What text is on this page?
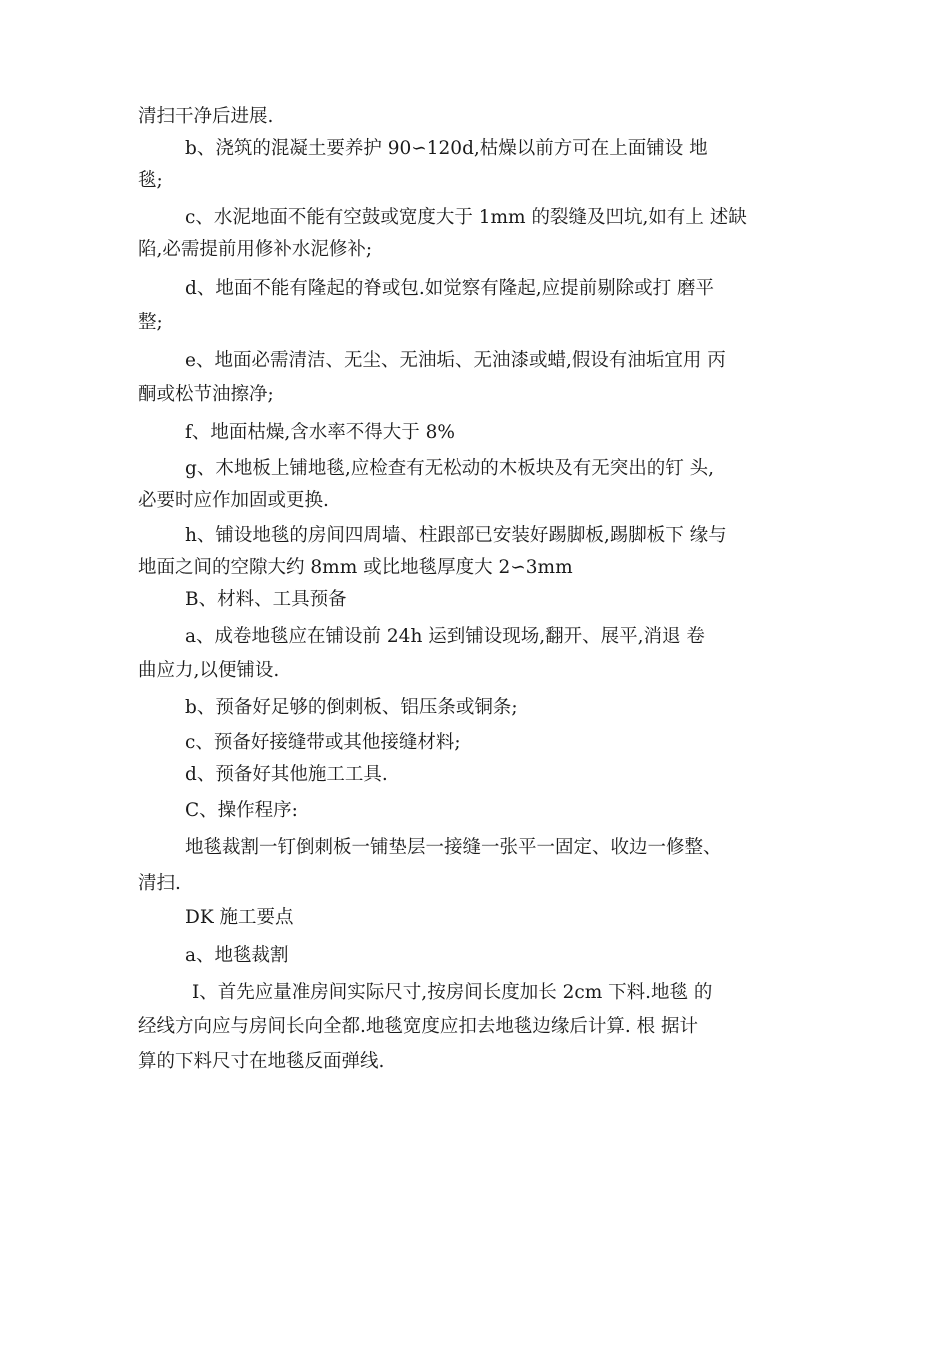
清扫干净后进展.
b、浇筑的混凝土要养护 90∽120d,枯燥以前方可在上面铺设 地
毯;
c、水泥地面不能有空鼓或宽度大于 1mm 的裂缝及凹坑,如有上 述缺
陷,必需提前用修补水泥修补;
d、地面不能有隆起的脊或包.如觉察有隆起,应提前剔除或打 磨平
整;
e、地面必需清洁、无尘、无油垢、无油漆或蜡,假设有油垢宜用 丙
酮或松节油擦净;
f、地面枯燥,含水率不得大于 8%
g、木地板上铺地毯,应检查有无松动的木板块及有无突出的钉 头,
必要时应作加固或更换.
h、铺设地毯的房间四周墙、柱跟部已安装好踢脚板,踢脚板下 缘与
地面之间的空隙大约 8mm 或比地毯厚度大 2∽3mm
B、材料、工具预备
a、成卷地毯应在铺设前 24h 运到铺设现场,翻开、展平,消退 卷
曲应力,以便铺设.
b、预备好足够的倒刺板、铝压条或铜条;
c、预备好接缝带或其他接缝材料;
d、预备好其他施工工具.
C、操作程序:
地毯裁割一钉倒刺板一铺垫层一接缝一张平一固定、收边一修整、
清扫.
DK 施工要点
a、地毯裁割
I、首先应量准房间实际尺寸,按房间长度加长 2cm 下料.地毯 的
经线方向应与房间长向全都.地毯宽度应扣去地毯边缘后计算. 根 据计
算的下料尺寸在地毯反面弹线.
